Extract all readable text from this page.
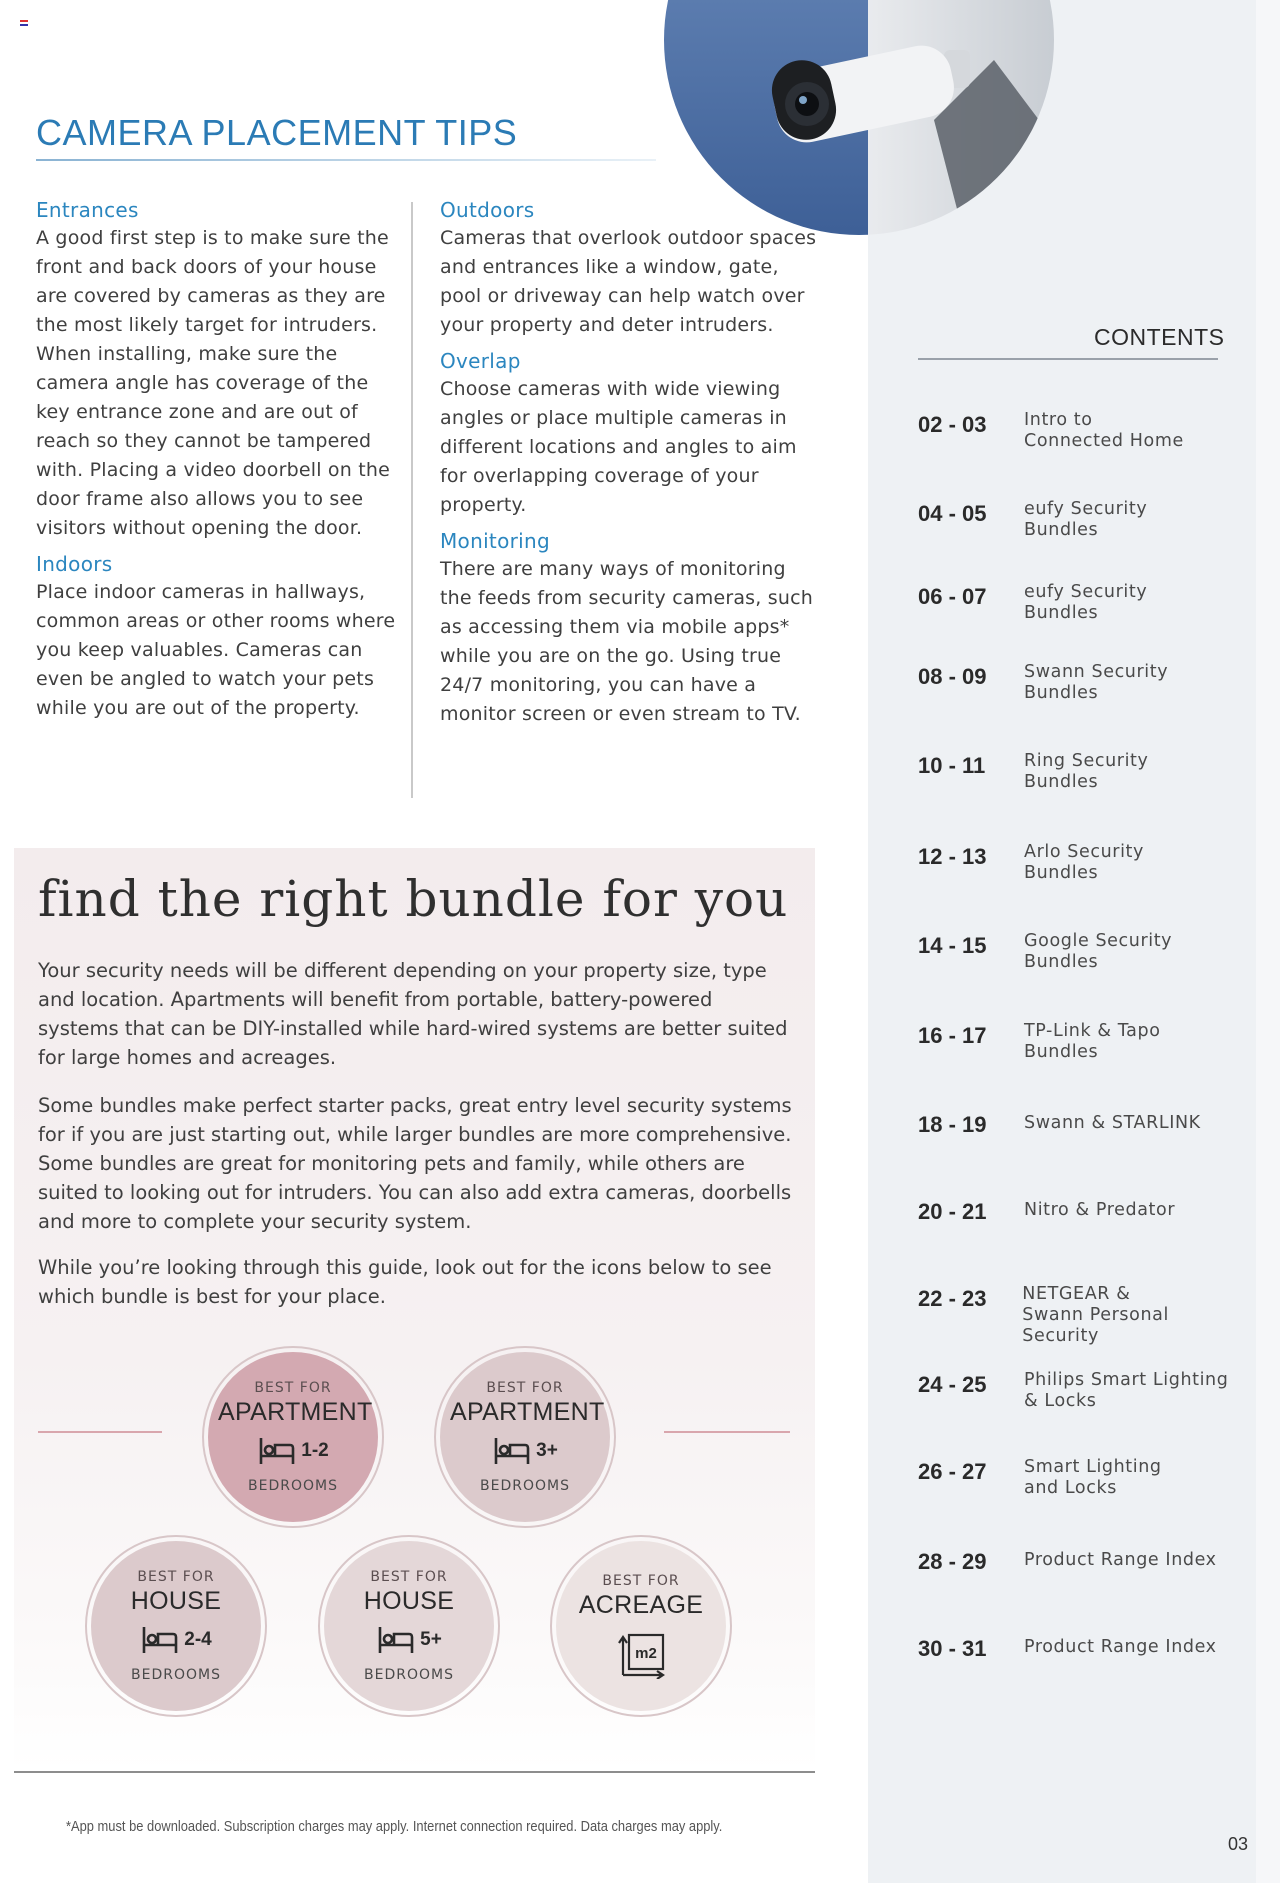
CAMERA PLACEMENT TIPS
Entrances
A good first step is to make sure the front and back doors of your house are covered by cameras as they are the most likely target for intruders. When installing, make sure the camera angle has coverage of the key entrance zone and are out of reach so they cannot be tampered with. Placing a video doorbell on the door frame also allows you to see visitors without opening the door.
Indoors
Place indoor cameras in hallways, common areas or other rooms where you keep valuables. Cameras can even be angled to watch your pets while you are out of the property.
Outdoors
Cameras that overlook outdoor spaces and entrances like a window, gate, pool or driveway can help watch over your property and deter intruders.
Overlap
Choose cameras with wide viewing angles or place multiple cameras in different locations and angles to aim for overlapping coverage of your property.
Monitoring
There are many ways of monitoring the feeds from security cameras, such as accessing them via mobile apps* while you are on the go. Using true 24/7 monitoring, you can have a monitor screen or even stream to TV.
find the right bundle for you
Your security needs will be different depending on your property size, type and location. Apartments will benefit from portable, battery-powered systems that can be DIY-installed while hard-wired systems are better suited for large homes and acreages.
Some bundles make perfect starter packs, great entry level security systems for if you are just starting out, while larger bundles are more comprehensive. Some bundles are great for monitoring pets and family, while others are suited to looking out for intruders. You can also add extra cameras, doorbells and more to complete your security system.
While you’re looking through this guide, look out for the icons below to see which bundle is best for your place.
BEST FOR
APARTMENT
1-2
BEDROOMS
BEST FOR
APARTMENT
3+
BEDROOMS
BEST FOR
HOUSE
2-4
BEDROOMS
BEST FOR
HOUSE
5+
BEDROOMS
BEST FOR
ACREAGE
m2
*App must be downloaded. Subscription charges may apply. Internet connection required. Data charges may apply.
CONTENTS
02 - 03	Intro to
Connected Home
04 - 05	eufy Security
Bundles
06 - 07	eufy Security
Bundles
08 - 09	Swann Security
Bundles
10 - 11	Ring Security
Bundles
12 - 13	Arlo Security
Bundles
14 - 15	Google Security
Bundles
16 - 17	TP-Link & Tapo
Bundles
18 - 19	Swann & STARLINK
20 - 21	Nitro & Predator
22 - 23	NETGEAR &
Swann Personal Security
24 - 25	Philips Smart Lighting
& Locks
26 - 27	Smart Lighting
and Locks
28 - 29	Product Range Index
30 - 31	Product Range Index
03
